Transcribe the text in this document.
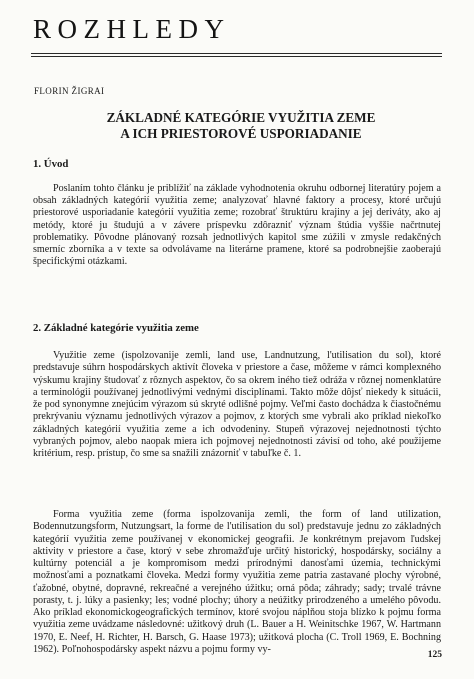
ROZHLEDY
FLORIN ŽIGRAI
ZÁKLADNÉ KATEGÓRIE VYUŽITIA ZEME
A ICH PRIESTOROVÉ USPORIADANIE
1. Úvod

Poslaním tohto článku je priblížiť na základe vyhodnotenia okruhu odbornej literatúry pojem a obsah základných kategórií využitia zeme; analyzovať hlavné faktory a procesy, ktoré určujú priestorové usporiadanie kategórií využitia zeme; rozobrať štruktúru krajiny a jej deriváty, ako aj metódy, ktoré ju študujú a v závere príspevku zdôrazniť význam štúdia vyššie načrtnutej problematiky. Pôvodne plánovaný rozsah jednotlivých kapitol sme zúžili v zmysle redakčných smerníc zborníka a v texte sa odvolávame na literárne pramene, ktoré sa podrobnejšie zaoberajú špecifickými otázkami.

2. Základné kategórie využitia zeme

Využitie zeme (ispolzovanije zemli, land use, Landnutzung, l'utilisation du sol), ktoré predstavuje súhrn hospodárskych aktivít človeka v priestore a čase, môžeme v rámci komplexného výskumu krajiny študovať z rôznych aspektov, čo sa okrem iného tiež odráža v rôznej nomenklatúre a terminológii používanej jednotlivými vednými disciplínami. Takto môže dôjsť niekedy k situácii, že pod synonymne znejúcim výrazom sú skryté odlišné pojmy. Veľmi často dochádza k čiastočnému prekrývaniu významu jednotlivých výrazov a pojmov, z ktorých sme vybrali ako príklad niekoľko základných kategórií využitia zeme a ich odvodeniny. Stupeň výrazovej nejednotnosti týchto vybraných pojmov, alebo naopak miera ich pojmovej nejednotnosti závisí od toho, aké použijeme kritérium, resp. prístup, čo sme sa snažili znázorniť v tabuľke č. 1.

Forma využitia zeme (forma ispolzovanija zemli, the form of land utilization, Bodennutzungsform, Nutzungsart, la forme de l'utilisation du sol) predstavuje jednu zo základných kategórií využitia zeme používanej v ekonomickej geografii. Je konkrétnym prejavom ľudskej aktivity v priestore a čase, ktorý v sebe zhromažďuje určitý historický, hospodársky, sociálny a kultúrny potenciál a je kompromisom medzi prírodnými danosťami územia, technickými možnosťami a poznatkami človeka. Medzi formy využitia zeme patria zastavané plochy výrobné, ťažobné, obytné, dopravné, rekreačné a verejného úžitku; orná pôda; záhrady; sady; trvalé trávne porasty, t. j. lúky a pasienky; les; vodné plochy; úhory a neúžitky prirodzeného a umelého pôvodu. Ako príklad ekonomickogeografických termínov, ktoré svojou náplňou stoja blízko k pojmu forma využitia zeme uvádzame následovné: užitkový druh (L. Bauer a H. Weinitschke 1967, W. Hartmann 1970, E. Neef, H. Richter, H. Barsch, G. Haase 1973); užitková plocha (C. Troll 1969, E. Bochning 1962). Poľnohospodársky aspekt názvu a pojmu formy vy-

125
